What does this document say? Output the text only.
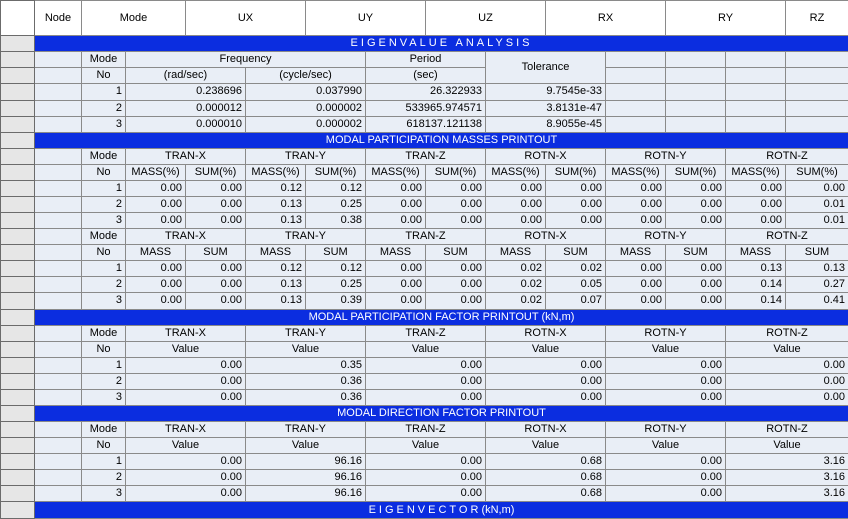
	Node	Mode		UX		UY		UZ		RX		RY		RZ	

	EIGENVALUE ANALYSIS														

		Mode	Frequency				Period		Tolerance						

		No	(rad/sec)		(cycle/sec)		(sec)								

		1	0.238696		0.037990		26.322933		9.7545e-33						

		2	0.000012		0.000002		533965.974571		3.8131e-47						

		3	0.000010		0.000002		618137.121138		8.9055e-45						

	MODAL PARTICIPATION MASSES PRINTOUT														

		Mode	TRAN-X		TRAN-Y		TRAN-Z		ROTN-X		ROTN-Y		ROTN-Z		

		No	MASS(%)	SUM(%)	MASS(%)	SUM(%)	MASS(%)	SUM(%)	MASS(%)	SUM(%)	MASS(%)	SUM(%)	MASS(%)	SUM(%)	

		1	0.00	0.00	0.12	0.12	0.00	0.00	0.00	0.00	0.00	0.00	0.00	0.00	

		2	0.00	0.00	0.13	0.25	0.00	0.00	0.00	0.00	0.00	0.00	0.00	0.01	

		3	0.00	0.00	0.13	0.38	0.00	0.00	0.00	0.00	0.00	0.00	0.00	0.01	

		Mode	TRAN-X		TRAN-Y		TRAN-Z		ROTN-X		ROTN-Y		ROTN-Z		

		No	MASS	SUM	MASS	SUM	MASS	SUM	MASS	SUM	MASS	SUM	MASS	SUM	

		1	0.00	0.00	0.12	0.12	0.00	0.00	0.02	0.02	0.00	0.00	0.13	0.13	

		2	0.00	0.00	0.13	0.25	0.00	0.00	0.02	0.05	0.00	0.00	0.14	0.27	

		3	0.00	0.00	0.13	0.39	0.00	0.00	0.02	0.07	0.00	0.00	0.14	0.41	

	MODAL PARTICIPATION FACTOR PRINTOUT (kN,m)														

		Mode	TRAN-X		TRAN-Y		TRAN-Z		ROTN-X		ROTN-Y		ROTN-Z		

		No	Value		Value		Value		Value		Value		Value		

		1	0.00		0.35		0.00		0.00		0.00		0.00		

		2	0.00		0.36		0.00		0.00		0.00		0.00		

		3	0.00		0.36		0.00		0.00		0.00		0.00		

	MODAL DIRECTION FACTOR PRINTOUT														

		Mode	TRAN-X		TRAN-Y		TRAN-Z		ROTN-X		ROTN-Y		ROTN-Z		

		No	Value		Value		Value		Value		Value		Value		

		1	0.00		96.16		0.00		0.68		0.00		3.16		

		2	0.00		96.16		0.00		0.68		0.00		3.16		

		3	0.00		96.16		0.00		0.68		0.00		3.16		

	EIGENVECTOR(kN,m)														
